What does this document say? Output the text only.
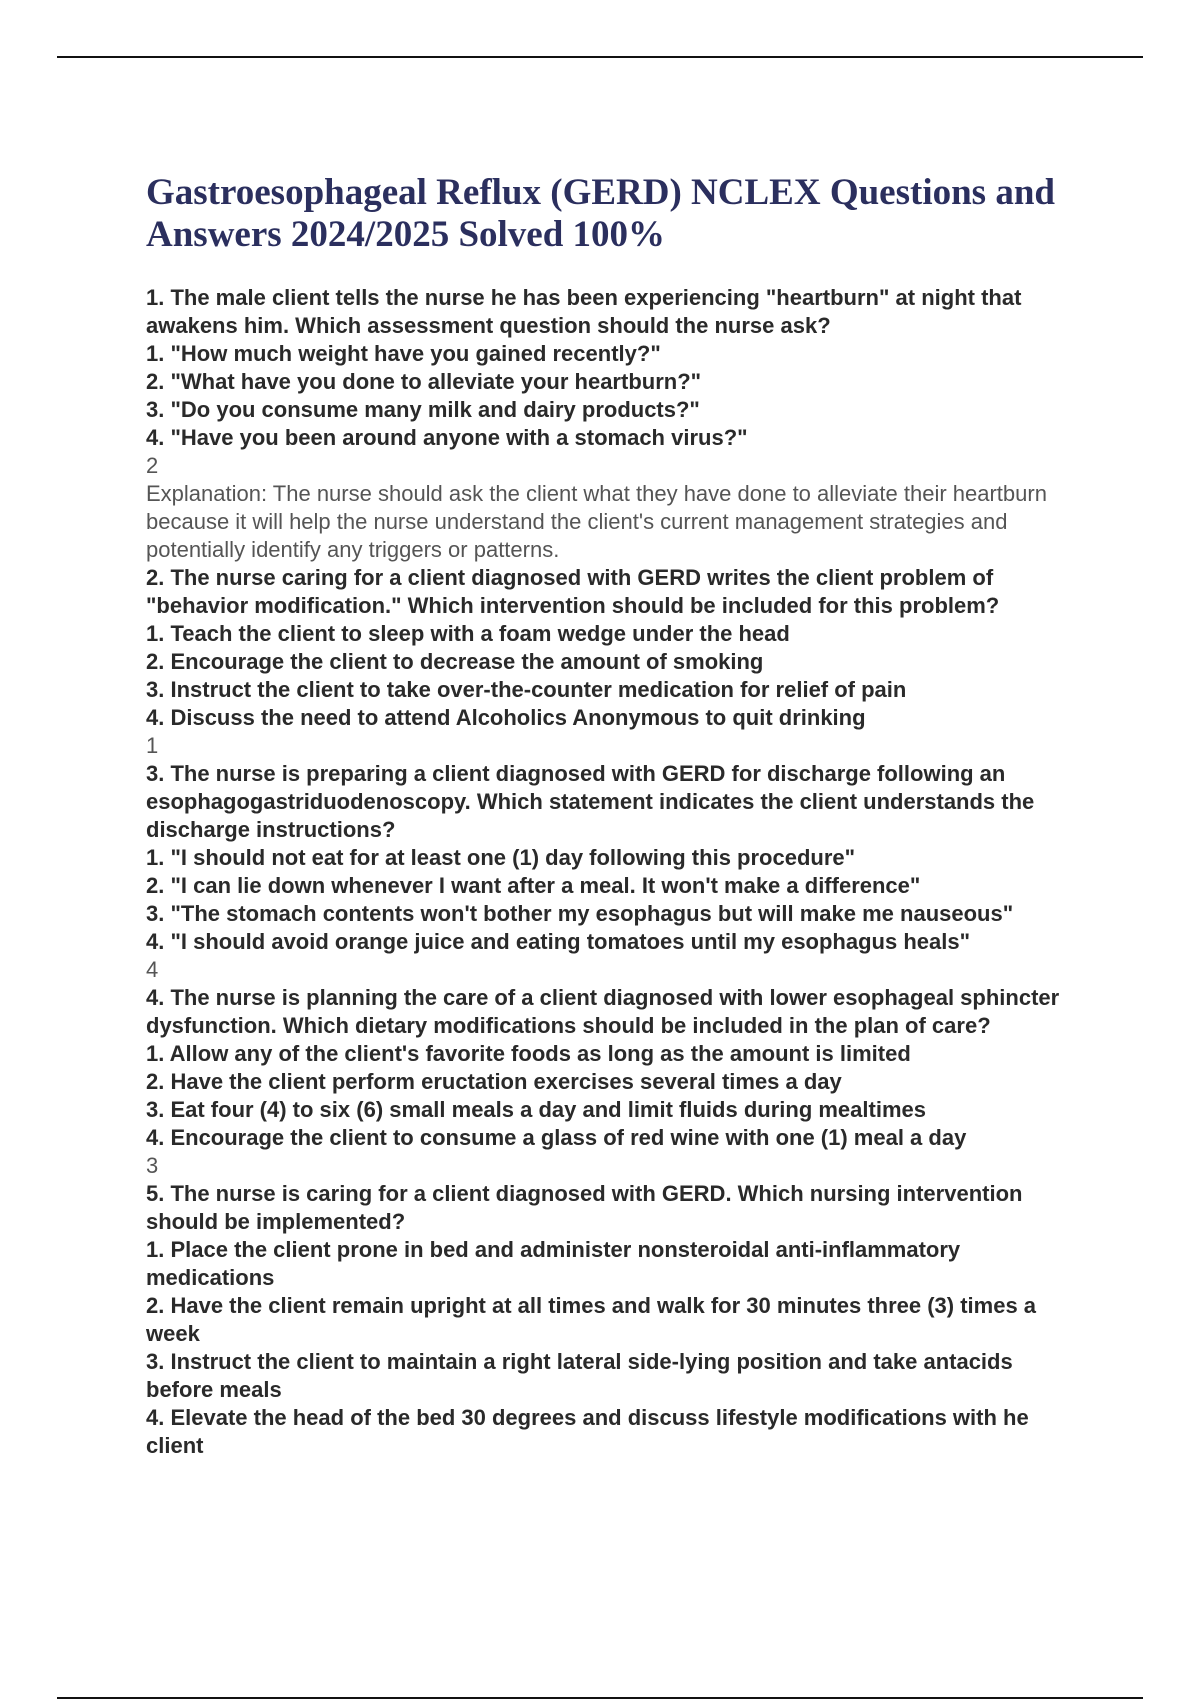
Gastroesophageal Reflux (GERD) NCLEX Questions and Answers 2024/2025 Solved 100%
1. The male client tells the nurse he has been experiencing "heartburn" at night that awakens him. Which assessment question should the nurse ask?
1. "How much weight have you gained recently?"
2. "What have you done to alleviate your heartburn?"
3. "Do you consume many milk and dairy products?"
4. "Have you been around anyone with a stomach virus?"
2
Explanation: The nurse should ask the client what they have done to alleviate their heartburn because it will help the nurse understand the client's current management strategies and potentially identify any triggers or patterns.
2. The nurse caring for a client diagnosed with GERD writes the client problem of "behavior modification." Which intervention should be included for this problem?
1. Teach the client to sleep with a foam wedge under the head
2. Encourage the client to decrease the amount of smoking
3. Instruct the client to take over-the-counter medication for relief of pain
4. Discuss the need to attend Alcoholics Anonymous to quit drinking
1
3. The nurse is preparing a client diagnosed with GERD for discharge following an esophagogastriduodenoscopy. Which statement indicates the client understands the discharge instructions?
1. "I should not eat for at least one (1) day following this procedure"
2. "I can lie down whenever I want after a meal. It won't make a difference"
3. "The stomach contents won't bother my esophagus but will make me nauseous"
4. "I should avoid orange juice and eating tomatoes until my esophagus heals"
4
4. The nurse is planning the care of a client diagnosed with lower esophageal sphincter dysfunction. Which dietary modifications should be included in the plan of care?
1. Allow any of the client's favorite foods as long as the amount is limited
2. Have the client perform eructation exercises several times a day
3. Eat four (4) to six (6) small meals a day and limit fluids during mealtimes
4. Encourage the client to consume a glass of red wine with one (1) meal a day
3
5. The nurse is caring for a client diagnosed with GERD. Which nursing intervention should be implemented?
1. Place the client prone in bed and administer nonsteroidal anti-inflammatory medications
2. Have the client remain upright at all times and walk for 30 minutes three (3) times a week
3. Instruct the client to maintain a right lateral side-lying position and take antacids before meals
4. Elevate the head of the bed 30 degrees and discuss lifestyle modifications with he client
